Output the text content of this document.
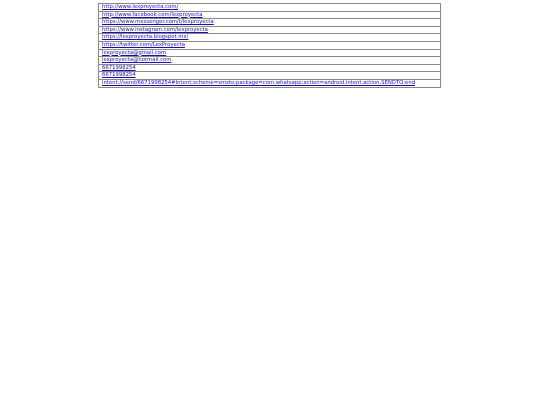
http://www.lexproyecta.com/
http://www.facebook.com/lexproyecta
https://www.messenger.com/t/lexproyecta
https://www.instagram.com/lexproyecta
https://lexproyecta.blogspot.mx/
https://twitter.com/LexProyecta
lexproyecta@gmail.com
lexproyecta@hotmail.com
6671998254
6671998254
intent://send/6671998254#Intent;scheme=smsto;package=com.whatsapp;action=android.intent.action.SENDTO;end
